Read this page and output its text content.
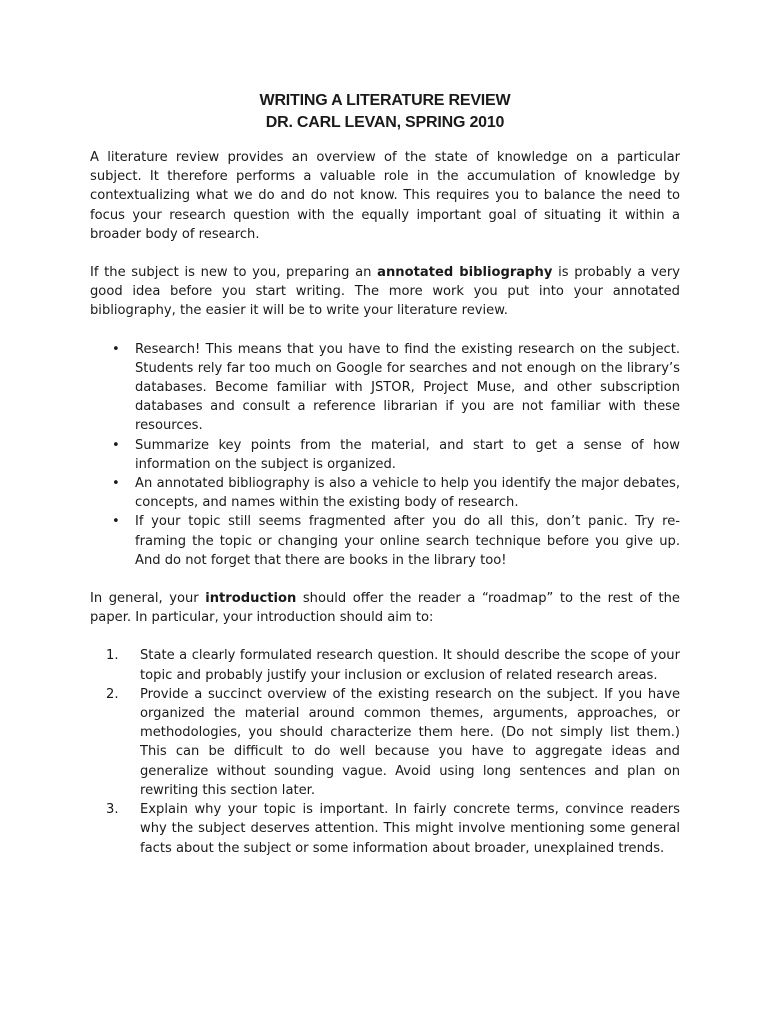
WRITING A LITERATURE REVIEW
DR. CARL LEVAN, SPRING 2010

A literature review provides an overview of the state of knowledge on a particular subject. It therefore performs a valuable role in the accumulation of knowledge by contextualizing what we do and do not know. This requires you to balance the need to focus your research question with the equally important goal of situating it within a broader body of research.

If the subject is new to you, preparing an annotated bibliography is probably a very good idea before you start writing. The more work you put into your annotated bibliography, the easier it will be to write your literature review.

• Research! This means that you have to find the existing research on the subject. Students rely far too much on Google for searches and not enough on the library’s databases. Become familiar with JSTOR, Project Muse, and other subscription databases and consult a reference librarian if you are not familiar with these resources.
• Summarize key points from the material, and start to get a sense of how information on the subject is organized.
• An annotated bibliography is also a vehicle to help you identify the major debates, concepts, and names within the existing body of research.
• If your topic still seems fragmented after you do all this, don’t panic. Try re-framing the topic or changing your online search technique before you give up. And do not forget that there are books in the library too!

In general, your introduction should offer the reader a “roadmap” to the rest of the paper. In particular, your introduction should aim to:

1. State a clearly formulated research question. It should describe the scope of your topic and probably justify your inclusion or exclusion of related research areas.
2. Provide a succinct overview of the existing research on the subject. If you have organized the material around common themes, arguments, approaches, or methodologies, you should characterize them here. (Do not simply list them.) This can be difficult to do well because you have to aggregate ideas and generalize without sounding vague. Avoid using long sentences and plan on rewriting this section later.
3. Explain why your topic is important. In fairly concrete terms, convince readers why the subject deserves attention. This might involve mentioning some general facts about the subject or some information about broader, unexplained trends.
